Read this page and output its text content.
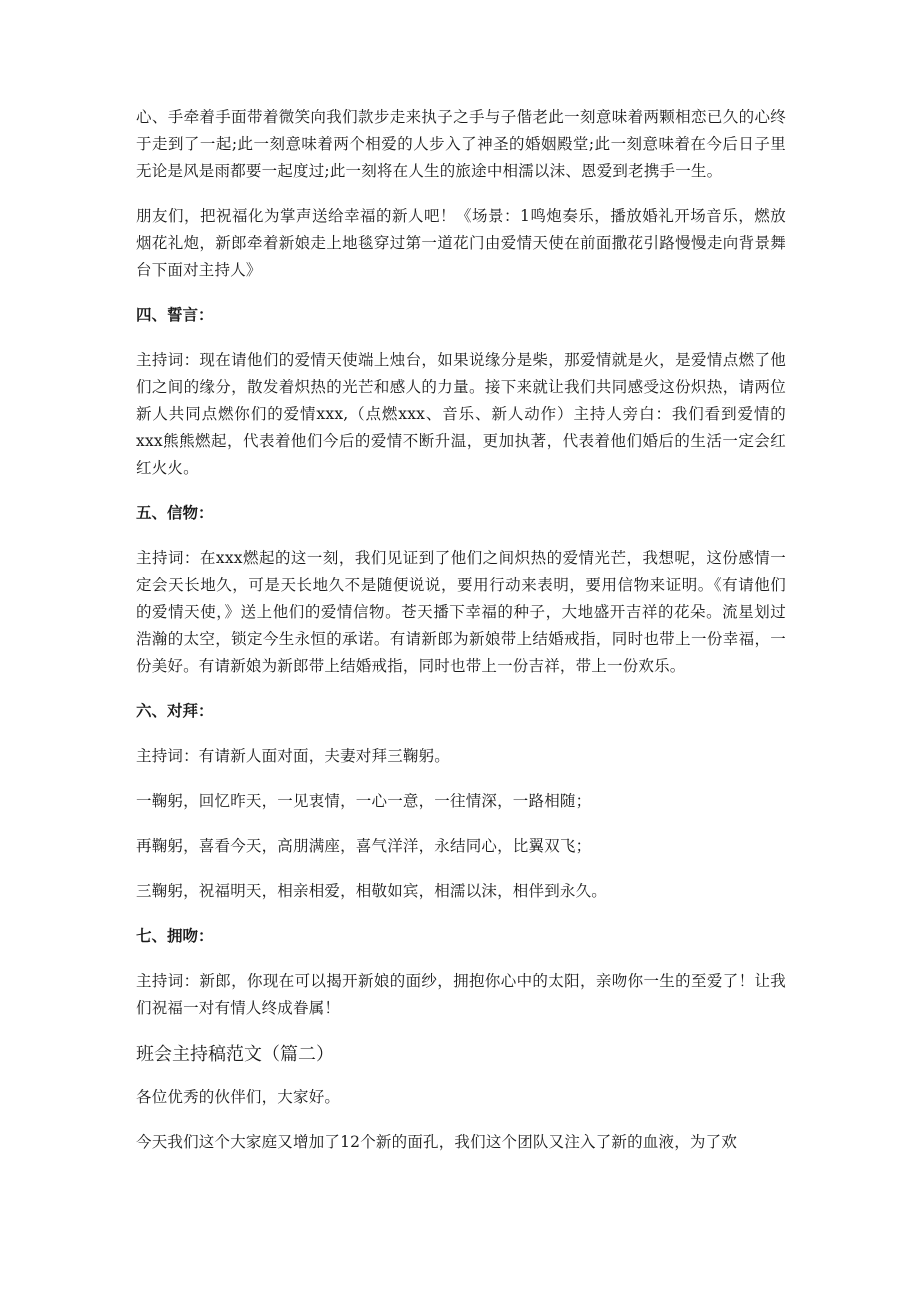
心、手牵着手面带着微笑向我们款步走来执子之手与子偕老此一刻意味着两颗相恋已久的心终于走到了一起;此一刻意味着两个相爱的人步入了神圣的婚姻殿堂;此一刻意味着在今后日子里无论是风是雨都要一起度过;此一刻将在人生的旅途中相濡以沫、恩爱到老携手一生。

朋友们，把祝福化为掌声送给幸福的新人吧！《场景：1鸣炮奏乐，播放婚礼开场音乐，燃放烟花礼炮，新郎牵着新娘走上地毯穿过第一道花门由爱情天使在前面撒花引路慢慢走向背景舞台下面对主持人》

四、誓言：

主持词：现在请他们的爱情天使端上烛台，如果说缘分是柴，那爱情就是火，是爱情点燃了他们之间的缘分，散发着炽热的光芒和感人的力量。接下来就让我们共同感受这份炽热，请两位新人共同点燃你们的爱情xxx,（点燃xxx、音乐、新人动作）主持人旁白：我们看到爱情的xxx熊熊燃起，代表着他们今后的爱情不断升温，更加执著，代表着他们婚后的生活一定会红红火火。

五、信物：

主持词：在xxx燃起的这一刻，我们见证到了他们之间炽热的爱情光芒，我想呢，这份感情一定会天长地久，可是天长地久不是随便说说，要用行动来表明，要用信物来证明。《有请他们的爱情天使，》送上他们的爱情信物。苍天播下幸福的种子，大地盛开吉祥的花朵。流星划过浩瀚的太空，锁定今生永恒的承诺。有请新郎为新娘带上结婚戒指，同时也带上一份幸福，一份美好。有请新娘为新郎带上结婚戒指，同时也带上一份吉祥，带上一份欢乐。

六、对拜：

主持词：有请新人面对面，夫妻对拜三鞠躬。

一鞠躬，回忆昨天，一见衷情，一心一意，一往情深，一路相随；

再鞠躬，喜看今天，高朋满座，喜气洋洋，永结同心，比翼双飞；

三鞠躬，祝福明天，相亲相爱，相敬如宾，相濡以沫，相伴到永久。

七、拥吻：

主持词：新郎，你现在可以揭开新娘的面纱，拥抱你心中的太阳，亲吻你一生的至爱了！让我们祝福一对有情人终成眷属！

班会主持稿范文（篇二）

各位优秀的伙伴们，大家好。

今天我们这个大家庭又增加了12个新的面孔，我们这个团队又注入了新的血液，为了欢
